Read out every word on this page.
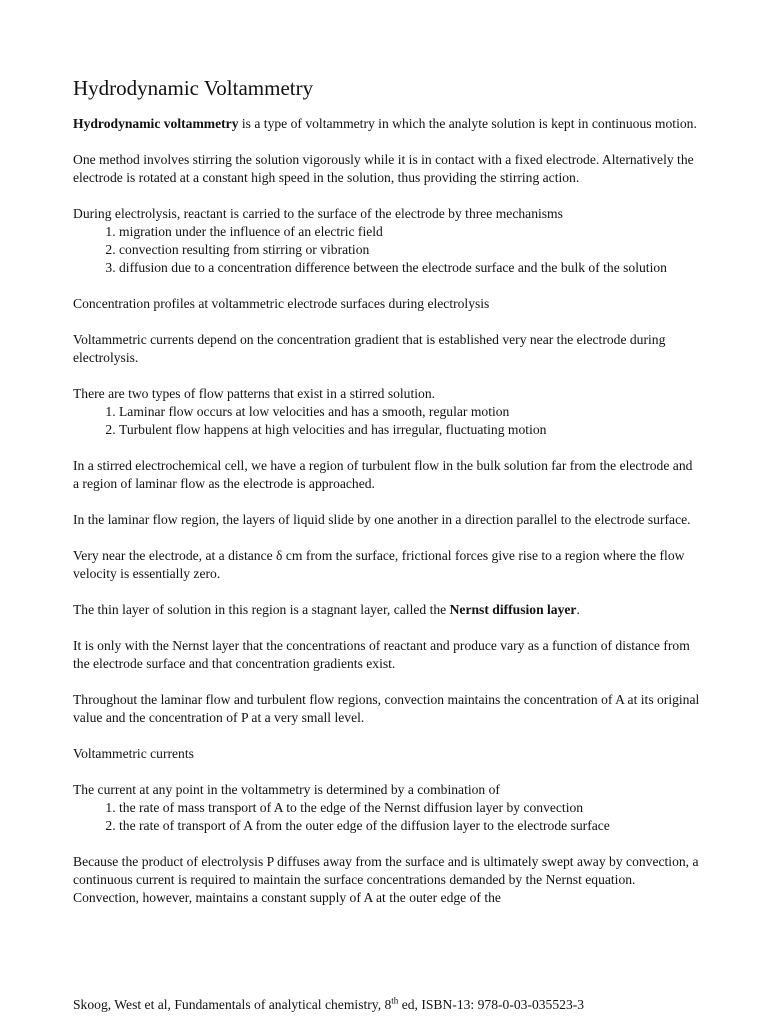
Hydrodynamic Voltammetry

Hydrodynamic voltammetry is a type of voltammetry in which the analyte solution is kept in continuous motion.

One method involves stirring the solution vigorously while it is in contact with a fixed electrode. Alternatively the electrode is rotated at a constant high speed in the solution, thus providing the stirring action.

During electrolysis, reactant is carried to the surface of the electrode by three mechanisms

1. migration under the influence of an electric field
2. convection resulting from stirring or vibration
3. diffusion due to a concentration difference between the electrode surface and the bulk of the solution

Concentration profiles at voltammetric electrode surfaces during electrolysis

Voltammetric currents depend on the concentration gradient that is established very near the electrode during electrolysis.

There are two types of flow patterns that exist in a stirred solution.

1. Laminar flow occurs at low velocities and has a smooth, regular motion
2. Turbulent flow happens at high velocities and has irregular, fluctuating motion

In a stirred electrochemical cell, we have a region of turbulent flow in the bulk solution far from the electrode and a region of laminar flow as the electrode is approached.

In the laminar flow region, the layers of liquid slide by one another in a direction parallel to the electrode surface.

Very near the electrode, at a distance δ cm from the surface, frictional forces give rise to a region where the flow velocity is essentially zero.

The thin layer of solution in this region is a stagnant layer, called the Nernst diffusion layer.

It is only with the Nernst layer that the concentrations of reactant and produce vary as a function of distance from the electrode surface and that concentration gradients exist.

Throughout the laminar flow and turbulent flow regions, convection maintains the concentration of A at its original value and the concentration of P at a very small level.

Voltammetric currents

The current at any point in the voltammetry is determined by a combination of

1. the rate of mass transport of A to the edge of the Nernst diffusion layer by convection
2. the rate of transport of A from the outer edge of the diffusion layer to the electrode surface

Because the product of electrolysis P diffuses away from the surface and is ultimately swept away by convection, a continuous current is required to maintain the surface concentrations demanded by the Nernst equation. Convection, however, maintains a constant supply of A at the outer edge of the

Skoog, West et al, Fundamentals of analytical chemistry, 8th ed, ISBN-13: 978-0-03-035523-3
